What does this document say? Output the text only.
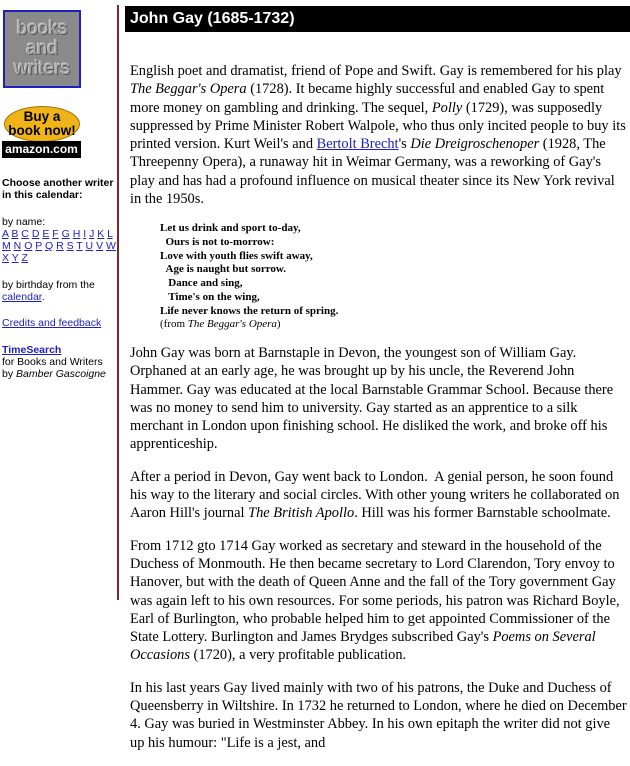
books
and
writers
Buy a
book now!
amazon.com
Choose another writer in this calendar:
by name:
A B C D E F G H I J K L M N O P Q R S T U V W X Y Z
by birthday from the
calendar.
Credits and feedback
TimeSearch
for Books and Writers
by Bamber Gascoigne
John Gay (1685-1732)

English poet and dramatist, friend of Pope and Swift. Gay is remembered for his play The Beggar's Opera (1728). It became highly successful and enabled Gay to spent more money on gambling and drinking. The sequel, Polly (1729), was supposedly suppressed by Prime Minister Robert Walpole, who thus only incited people to buy its printed version. Kurt Weil's and Bertolt Brecht's Die Dreigroschenoper (1928, The Threepenny Opera), a runaway hit in Weimar Germany, was a reworking of Gay's play and has had a profound influence on musical theater since its New York revival in the 1950s.

Let us drink and sport to-day,
Ours is not to-morrow:
Love with youth flies swift away,
Age is naught but sorrow.
Dance and sing,
Time's on the wing,
Life never knows the return of spring.
(from The Beggar's Opera)

John Gay was born at Barnstaple in Devon, the youngest son of William Gay. Orphaned at an early age, he was brought up by his uncle, the Reverend John Hammer. Gay was educated at the local Barnstable Grammar School. Because there was no money to send him to university. Gay started as an apprentice to a silk merchant in London upon finishing school. He disliked the work, and broke off his apprenticeship.

After a period in Devon, Gay went back to London.  A genial person, he soon found his way to the literary and social circles. With other young writers he collaborated on Aaron Hill's journal The British Apollo. Hill was his former Barnstable schoolmate.

From 1712 gto 1714 Gay worked as secretary and steward in the household of the Duchess of Monmouth. He then became secretary to Lord Clarendon, Tory envoy to Hanover, but with the death of Queen Anne and the fall of the Tory government Gay was again left to his own resources. For some periods, his patron was Richard Boyle, Earl of Burlington, who probable helped him to get appointed Commissioner of the State Lottery. Burlington and James Brydges subscribed Gay's Poems on Several Occasions (1720), a very profitable publication.

In his last years Gay lived mainly with two of his patrons, the Duke and Duchess of Queensberry in Wiltshire. In 1732 he returned to London, where he died on December 4. Gay was buried in Westminster Abbey. In his own epitaph the writer did not give up his humour: "Life is a jest, and
